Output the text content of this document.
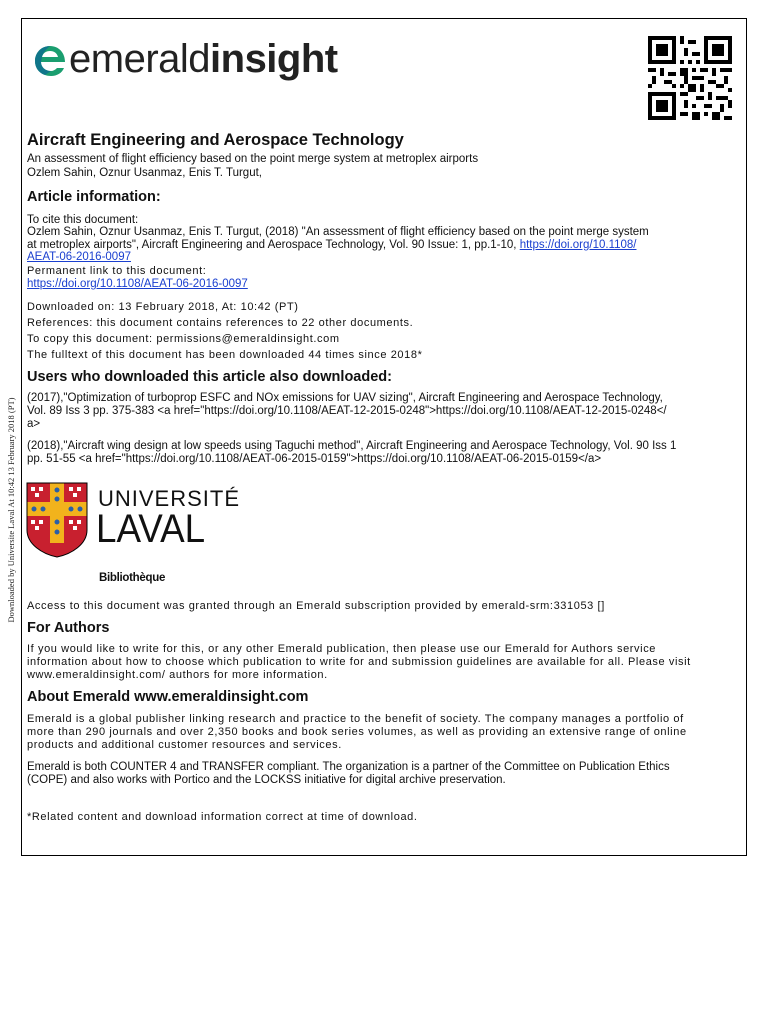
Downloaded by Universite Laval At 10:42 13 February 2018 (PT)
emeraldinsight
Aircraft Engineering and Aerospace Technology

An assessment of flight efficiency based on the point merge system at metroplex airports

Ozlem Sahin, Oznur Usanmaz, Enis T. Turgut,

Article information:

To cite this document:

Ozlem Sahin, Oznur Usanmaz, Enis T. Turgut, (2018) "An assessment of flight efficiency based on the point merge system

at metroplex airports", Aircraft Engineering and Aerospace Technology, Vol. 90 Issue: 1, pp.1-10, https://doi.org/10.1108/

AEAT-06-2016-0097

Permanent link to this document:

https://doi.org/10.1108/AEAT-06-2016-0097

Downloaded on: 13 February 2018, At: 10:42 (PT)

References: this document contains references to 22 other documents.

To copy this document: permissions@emeraldinsight.com

The fulltext of this document has been downloaded 44 times since 2018*

Users who downloaded this article also downloaded:

(2017),"Optimization of turboprop ESFC and NOx emissions for UAV sizing", Aircraft Engineering and Aerospace Technology,

Vol. 89 Iss 3 pp. 375-383 <a href="https://doi.org/10.1108/AEAT-12-2015-0248">https://doi.org/10.1108/AEAT-12-2015-0248</

a>

(2018),"Aircraft wing design at low speeds using Taguchi method", Aircraft Engineering and Aerospace Technology, Vol. 90 Iss 1

pp. 51-55 <a href="https://doi.org/10.1108/AEAT-06-2015-0159">https://doi.org/10.1108/AEAT-06-2015-0159</a>

UNIVERSITÉ
LAVAL
Bibliothèque

Access to this document was granted through an Emerald subscription provided by emerald-srm:331053 []

For Authors

If you would like to write for this, or any other Emerald publication, then please use our Emerald for Authors service

information about how to choose which publication to write for and submission guidelines are available for all. Please visit

www.emeraldinsight.com/ authors for more information.

About Emerald www.emeraldinsight.com

Emerald is a global publisher linking research and practice to the benefit of society. The company manages a portfolio of

more than 290 journals and over 2,350 books and book series volumes, as well as providing an extensive range of online

products and additional customer resources and services.

Emerald is both COUNTER 4 and TRANSFER compliant. The organization is a partner of the Committee on Publication Ethics

(COPE) and also works with Portico and the LOCKSS initiative for digital archive preservation.

*Related content and download information correct at time of download.
